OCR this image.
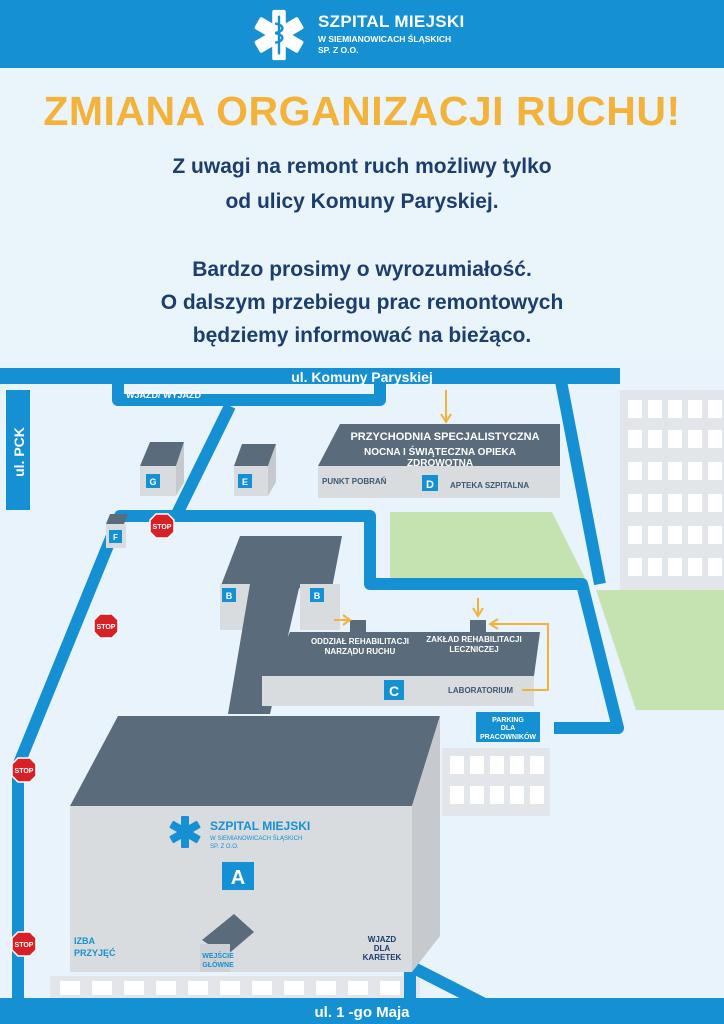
SZPITAL MIEJSKI
W SIEMIANOWICACH ŚLĄSKICH
SP. Z O.O.
ZMIANA ORGANIZACJI RUCHU!
Z uwagi na remont ruch możliwy tylko
od ulicy Komuny Paryskiej.
Bardzo prosimy o wyrozumiałość.
O dalszym przebiegu prac remontowych
będziemy informować na bieżąco.
ul. Komuny Paryskiej
ul. PCK
ul. 1 -go Maja
WJAZD/ WYJAZD
PRZYCHODNIA SPECJALISTYCZNA
NOCNA I ŚWIĄTECZNA OPIEKA
ZDROWOTNA
PUNKT POBRAŃ	APTEKA SZPITALNA
D
G	E
F
B	B
ODDZIAŁ REHABILITACJI
NARZĄDU RUCHU
ZAKŁAD REHABILITACJI
LECZNICZEJ
C	LABORATORIUM
PARKING
DLA
PRACOWNIKÓW
SZPITAL MIEJSKI
W SIEMIANOWICACH ŚLĄSKICH
SP. Z O.O.
A
IZBA
PRZYJĘĆ	WEJŚCIE
GŁÓWNE
WJAZD
DLA
KARETEK
STOP
STOP
STOP
STOP
